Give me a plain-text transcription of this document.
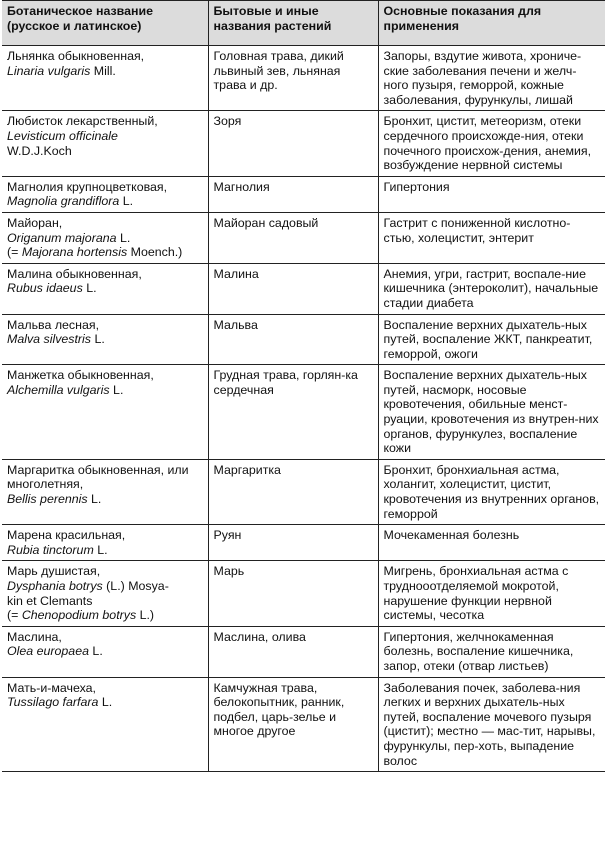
Ботаническое название (русское и латинское)	Бытовые и иные названия растений	Основные показания для применения
Льнянка обыкновенная,
Linaria vulgaris Mill.	Головная трава, дикий львиный зев, льняная трава и др.	Запоры, вздутие живота, хрониче-ские заболевания печени и желч-ного пузыря, геморрой, кожные заболевания, фурункулы, лишай
Любисток лекарственный,
Levisticum officinale
W.D.J.Koch	Зоря	Бронхит, цистит, метеоризм, отеки сердечного происхожде-ния, отеки почечного происхож-дения, анемия, возбуждение нервной системы
Магнолия крупноцветковая,
Magnolia grandiflora L.	Магнолия	Гипертония
Майоран,
Origanum majorana L.
(= Majorana hortensis Moench.)	Майоран садовый	Гастрит с пониженной кислотно-стью, холецистит, энтерит
Малина обыкновенная,
Rubus idaeus L.	Малина	Анемия, угри, гастрит, воспале-ние кишечника (энтероколит), начальные стадии диабета
Мальва лесная,
Malva silvestris L.	Мальва	Воспаление верхних дыхатель-ных путей, воспаление ЖКТ, панкреатит, геморрой, ожоги
Манжетка обыкновенная,
Alchemilla vulgaris L.	Грудная трава, горлян-ка сердечная	Воспаление верхних дыхатель-ных путей, насморк, носовые кровотечения, обильные менст-руации, кровотечения из внутрен-них органов, фурункулез, воспаление кожи
Маргаритка обыкновенная, или многолетняя,
Bellis perennis L.	Маргаритка	Бронхит, бронхиальная астма, холангит, холецистит, цистит, кровотечения из внутренних органов, геморрой
Марена красильная,
Rubia tinctorum L.	Руян	Мочекаменная болезнь
Марь душистая,
Dysphania botrys (L.) Mosya-
kin et Clemants
(= Chenopodium botrys L.)	Марь	Мигрень, бронхиальная астма с труднооотделяемой мокротой, нарушение функции нервной системы, чесотка
Маслина,
Olea europaea L.	Маслина, олива	Гипертония, желчнокаменная болезнь, воспаление кишечника, запор, отеки (отвар листьев)
Мать-и-мачеха,
Tussilago farfara L.	Камчужная трава, белокопытник, ранник, подбел, царь-зелье и многое другое	Заболевания почек, заболева-ния легких и верхних дыхатель-ных путей, воспаление мочевого пузыря (цистит); местно — мас-тит, нарывы, фурункулы, пер-хоть, выпадение волос
